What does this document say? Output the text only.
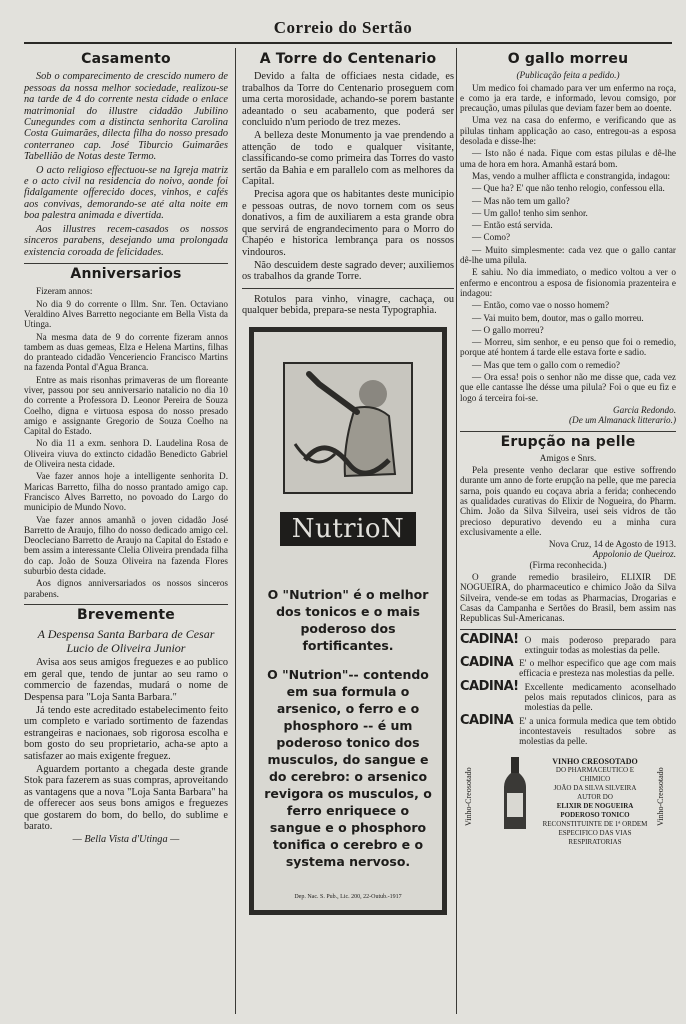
Correio do Sertão
Casamento

Sob o comparecimento de crescido numero de pessoas da nossa melhor sociedade, realizou-se na tarde de 4 do corrente nesta cidade o enlace matrimonial do illustre cidadão Jubilino Cunegundes com a distincta senhorita Carolina Costa Guimarães, dilecta filha do nosso presado conterraneo cap. José Tiburcio Guimarães Tabellião de Notas deste Termo.

O acto religioso effectuou-se na Igreja matriz e o acto civil na residencia do noivo, aonde foi fidalgamente offerecido doces, vinhos, e cafés aos convivas, demorando-se até alta noite em boa palestra animada e divertida.

Aos illustres recem-casados os nossos sinceros parabens, desejando uma prolongada existencia coroada de felicidades.

Anniversarios

Fizeram annos:

No dia 9 do corrente o Illm. Snr. Ten. Octaviano Veraldino Alves Barretto negociante em Bella Vista da Utinga.

Na mesma data de 9 do corrente fizeram annos tambem as duas gemeas, Elza e Helena Martins, filhas do pranteado cidadão Venceriencio Francisco Martins na fazenda Pontal d'Agua Branca.

Entre as mais risonhas primaveras de um floreante viver, passou por seu anniversario natalicio no dia 10 do corrente a Professora D. Leonor Pereira de Souza Coelho, digna e virtuosa esposa do nosso presado amigo e assignante Gregorio de Souza Coelho na Capital do Estado.

No dia 11 a exm. senhora D. Laudelina Rosa de Oliveira viuva do extincto cidadão Benedicto Gabriel de Oliveira nesta cidade.

Vae fazer annos hoje a intelligente senhorita D. Maricas Barretto, filha do nosso prantado amigo cap. Francisco Alves Barretto, no povoado do Largo do municipio de Mundo Novo.

Vae fazer annos amanhã o joven cidadão José Barretto de Araujo, filho do nosso dedicado amigo cel. Deocleciano Barretto de Araujo na Capital do Estado e bem assim a interessante Clelia Oliveira prendada filha do cap. João de Souza Oliveira na fazenda Flores suburbio desta cidade.

Aos dignos anniversariados os nossos sinceros parabens.

Brevemente
A Despensa Santa Barbara de Cesar Lucio de Oliveira Junior

Avisa aos seus amigos freguezes e ao publico em geral que, tendo de juntar ao seu ramo o commercio de fazendas, mudará o nome de Despensa para "Loja Santa Barbara."

Já tendo este acreditado estabelecimento feito um completo e variado sortimento de fazendas estrangeiras e nacionaes, sob rigorosa escolha e bom gosto do seu proprietario, acha-se apto a satisfazer ao mais exigente freguez.

Aguardem portanto a chegada deste grande Stok para fazerem as suas compras, aproveitando as vantagens que a nova "Loja Santa Barbara" ha de offerecer aos seus bons amigos e freguezes que gostarem do bom, do bello, do sublime e barato.

— Bella Vista d'Utinga —
A Torre do Centenario

Devido a falta de officiaes nesta cidade, es trabalhos da Torre do Centenario proseguem com uma certa morosidade, achando-se porem bastante adeantado o seu acabamento, que poderá ser concluido n'um periodo de trez mezes.

A belleza deste Monumento ja vae prendendo a attenção de todo e qualquer visitante, classificando-se como primeira das Torres do vasto sertão da Bahia e em parallelo com as melhores da Capital.

Precisa agora que os habitantes deste municipio e pessoas outras, de novo tornem com os seus donativos, a fim de auxiliarem a esta grande obra que servirá de engrandecimento para o Morro do Chapéo e historica lembrança para os nossos vindouros.

Não descuidem deste sagrado dever; auxiliemos os trabalhos da grande Torre.

Rotulos para vinho, vinagre, cachaça, ou qualquer bebida, prepara-se nesta Typographia.

NutrioN

O "Nutrion" é o melhor dos tonicos e o mais poderoso dos fortificantes.

O "Nutrion"-- contendo em sua formula o arsenico, o ferro e o phosphoro -- é um poderoso tonico dos musculos, do sangue e do cerebro: o arsenico revigora os musculos, o ferro enriquece o sangue e o phosphoro tonifica o cerebro e o systema nervoso.

Dep. Nac. S. Pub., Lic. 200, 22-Outub.-1917
O gallo morreu
(Publicação feita a pedido.)

Um medico foi chamado para ver um enfermo na roça, e como ja era tarde, e informado, levou comsigo, por precaução, umas pilulas que deviam fazer bem ao doente.

Uma vez na casa do enfermo, e verificando que as pilulas tinham applicação ao caso, entregou-as a esposa desolada e disse-lhe:

— Isto não é nada. Fique com estas pilulas e dê-lhe uma de hora em hora. Amanhã estará bom.

Mas, vendo a mulher afflicta e constrangida, indagou:

— Que ha? E' que não tenho relogio, confessou ella.

— Mas não tem um gallo?

— Um gallo! tenho sim senhor.

— Então está servida.

— Como?

— Muito simplesmente: cada vez que o gallo cantar dê-lhe uma pilula.

E sahiu. No dia immediato, o medico voltou a ver o enfermo e encontrou a esposa de fisionomia prazenteira e indagou:

— Então, como vae o nosso homem?

— Vai muito bem, doutor, mas o gallo morreu.

— O gallo morreu?

— Morreu, sim senhor, e eu penso que foi o remedio, porque até hontem á tarde elle estava forte e sadio.

— Mas que tem o gallo com o remedio?

— Ora essa! pois o senhor não me disse que, cada vez que elle cantasse lhe désse uma pilula? Foi o que eu fiz e logo á terceira foi-se.

Garcia Redondo.
(De um Almanack litterario.)
Erupção na pelle
Amigos e Snrs.

Pela presente venho declarar que estive soffrendo durante um anno de forte erupção na pelle, que me parecia sarna, pois quando eu coçava abria a ferida; conhecendo as qualidades curativas do Elixir de Nogueira, do Pharm. Chim. João da Silva Silveira, usei seis vidros de tão precioso depurativo devendo eu a minha cura exclusivamente a elle.

Nova Cruz, 14 de Agosto de 1913.
Appolonio de Queiroz.
(Firma reconhecida.)

O grande remedio brasileiro, ELIXIR DE NOGUEIRA, do pharmaceutico e chimico João da Silva Silveira, vende-se em todas as Pharmacias, Drogarias e Casas da Campanha e Sertões do Brasil, bem assim nas Republicas Sul-Americanas.

CADINA! O mais poderoso preparado para extinguir todas as molestias da pelle.
CADINA E' o melhor especifico que age com mais efficacia e presteza nas molestias da pelle.
CADINA! Excellente medicamento aconselhado pelos mais reputados clinicos, para as molestias da pelle.
CADINA E' a unica formula medica que tem obtido incontestaveis resultados sobre as molestias da pelle.
Vinho-Creosotado
VINHO CREOSOTADO
DO PHARMACEUTICO E CHIMICO
JOÃO DA SILVA SILVEIRA
AUTOR DO
ELIXIR DE NOGUEIRA
PODEROSO TONICO
RECONSTITUINTE DE 1ª ORDEM
ESPECIFICO DAS VIAS RESPIRATORIAS
Vinho-Creosotado
